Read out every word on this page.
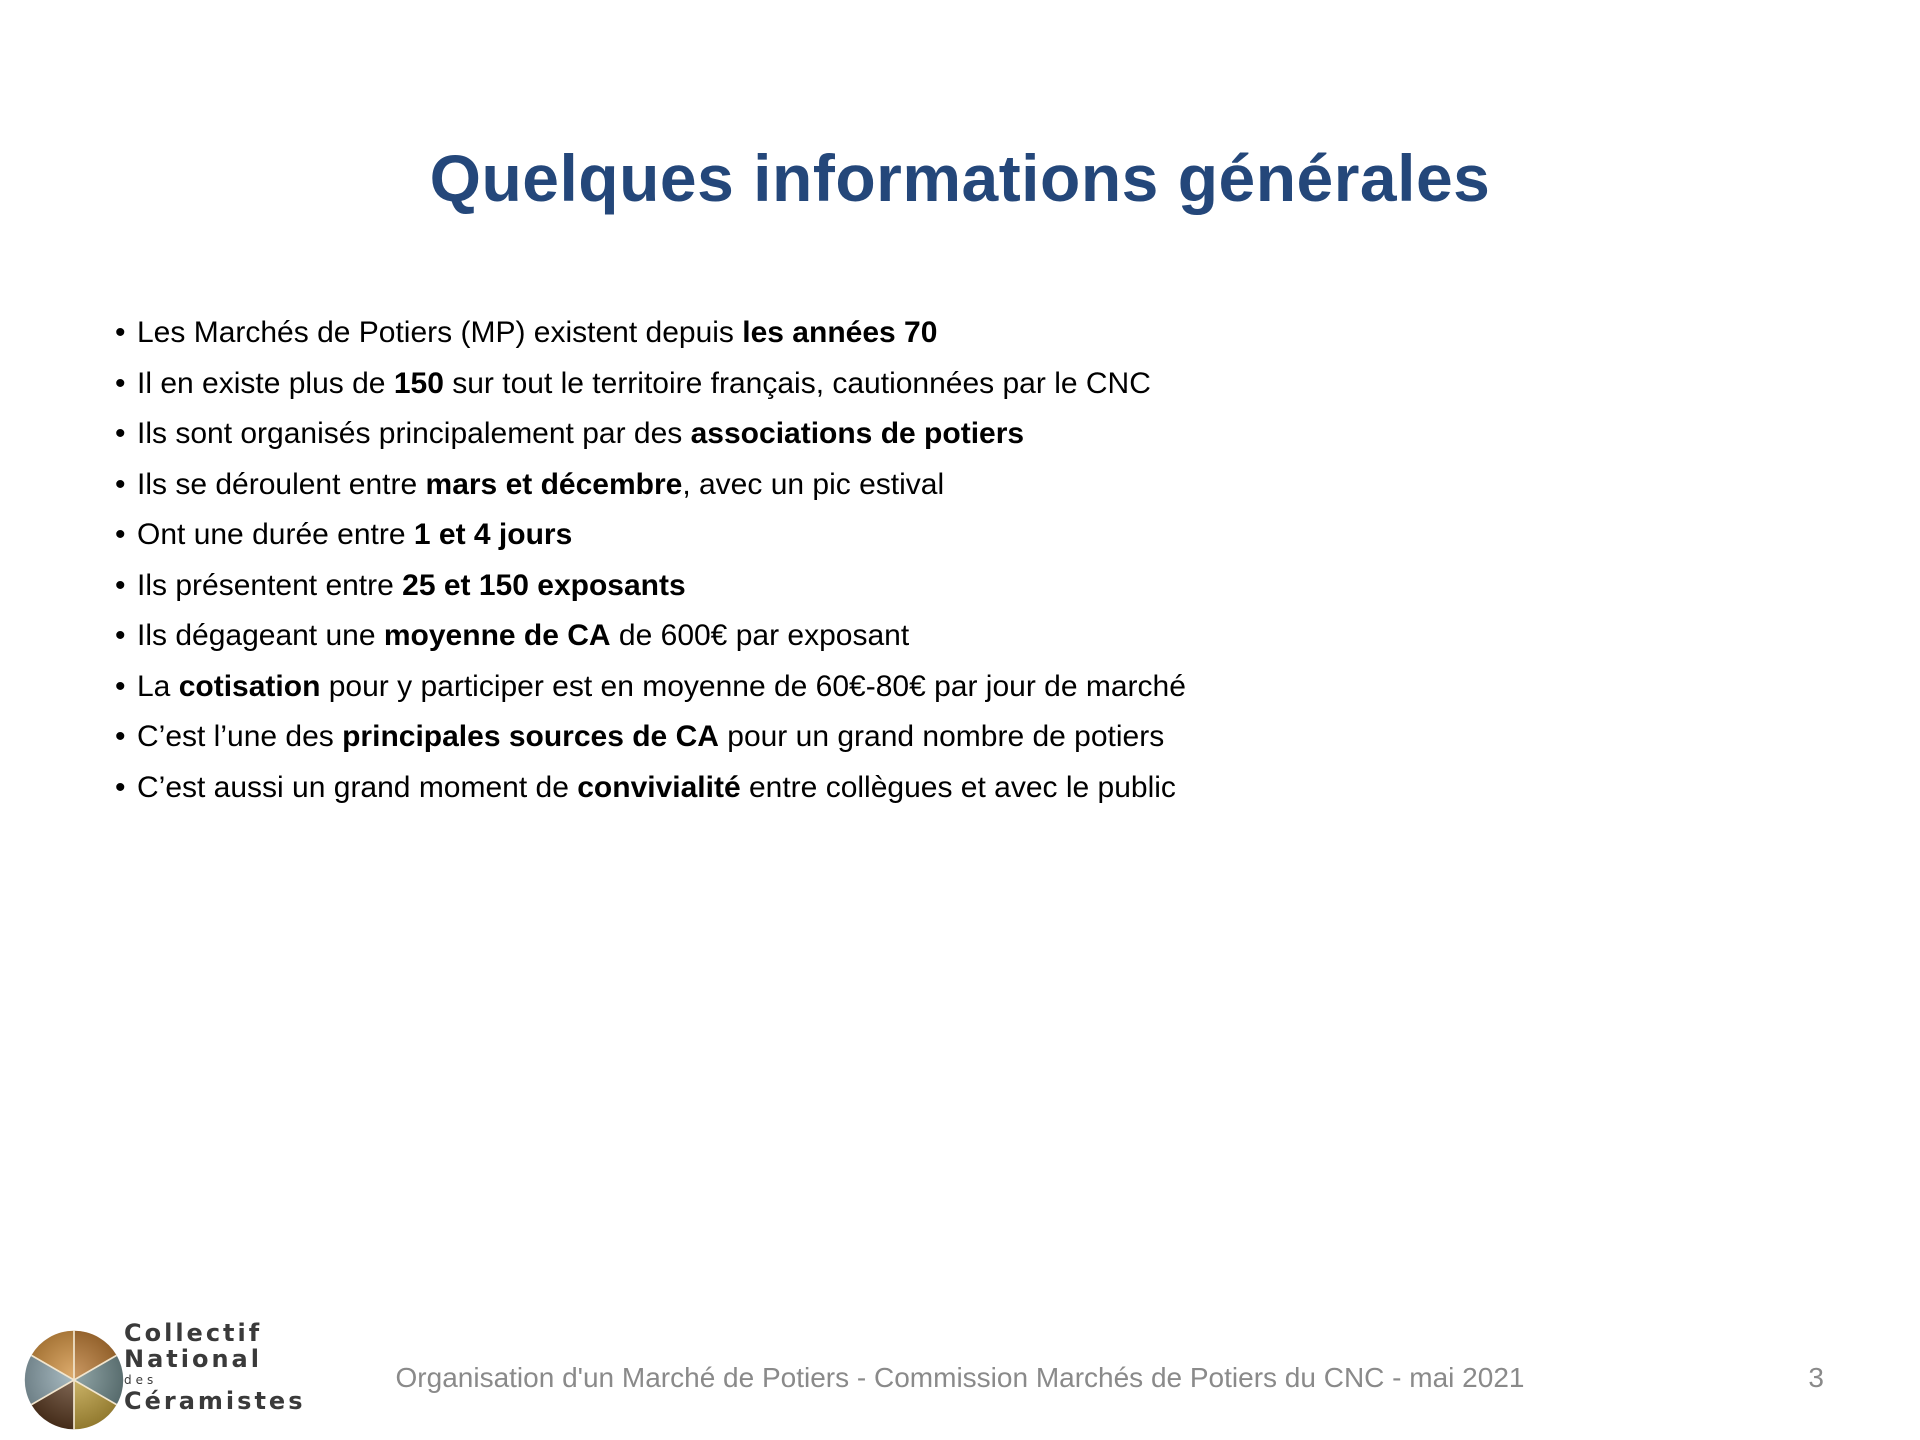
Quelques informations générales
• Les Marchés de Potiers (MP) existent depuis les années 70
• Il en existe plus de 150 sur tout le territoire français, cautionnées par le CNC
• Ils sont organisés principalement par des associations de potiers
• Ils se déroulent entre mars et décembre, avec un pic estival
• Ont une durée entre 1 et 4 jours
• Ils présentent entre 25 et 150 exposants
• Ils dégageant une moyenne de CA de 600€ par exposant
• La cotisation pour y participer est en moyenne de 60€-80€ par jour de marché
• C’est l’une des principales sources de CA pour un grand nombre de potiers
• C’est aussi un grand moment de convivialité entre collègues et avec le public
Collectif
National
des
Céramistes
Organisation d'un Marché de Potiers - Commission Marchés de Potiers du CNC - mai 2021	3
